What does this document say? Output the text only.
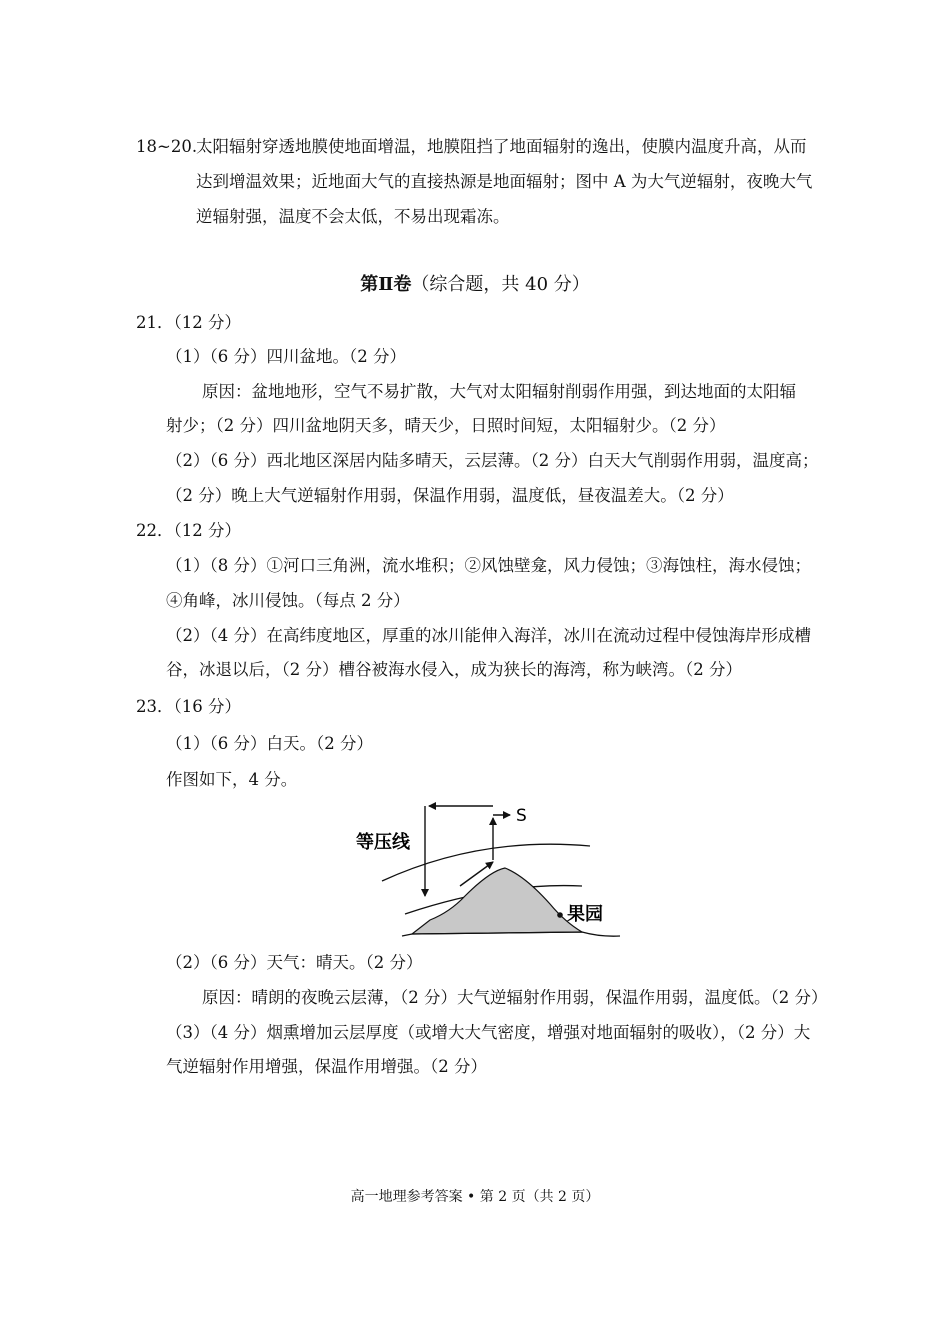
18~20.
太阳辐射穿透地膜使地面增温，地膜阻挡了地面辐射的逸出，使膜内温度升高，从而
达到增温效果；近地面大气的直接热源是地面辐射；图中 A 为大气逆辐射，夜晚大气
逆辐射强，温度不会太低，不易出现霜冻。
第Ⅱ卷（综合题，共 40 分）
21．（12 分）
（1）（6 分）四川盆地。（2 分）
原因：盆地地形，空气不易扩散，大气对太阳辐射削弱作用强，到达地面的太阳辐
射少；（2 分）四川盆地阴天多，晴天少，日照时间短，太阳辐射少。（2 分）
（2）（6 分）西北地区深居内陆多晴天，云层薄。（2 分）白天大气削弱作用弱，温度高；
（2 分）晚上大气逆辐射作用弱，保温作用弱，温度低，昼夜温差大。（2 分）
22．（12 分）
（1）（8 分）①河口三角洲，流水堆积；②风蚀壁龛，风力侵蚀；③海蚀柱，海水侵蚀；
④角峰，冰川侵蚀。（每点 2 分）
（2）（4 分）在高纬度地区，厚重的冰川能伸入海洋，冰川在流动过程中侵蚀海岸形成槽
谷，冰退以后，（2 分）槽谷被海水侵入，成为狭长的海湾，称为峡湾。（2 分）
23．（16 分）
（1）（6 分）白天。（2 分）
作图如下，4 分。
S
等压线
果园
（2）（6 分）天气：晴天。（2 分）
原因：晴朗的夜晚云层薄，（2 分）大气逆辐射作用弱，保温作用弱，温度低。（2 分）
（3）（4 分）烟熏增加云层厚度（或增大大气密度，增强对地面辐射的吸收），（2 分）大
气逆辐射作用增强，保温作用增强。（2 分）
高一地理参考答案 • 第 2 页（共 2 页）
